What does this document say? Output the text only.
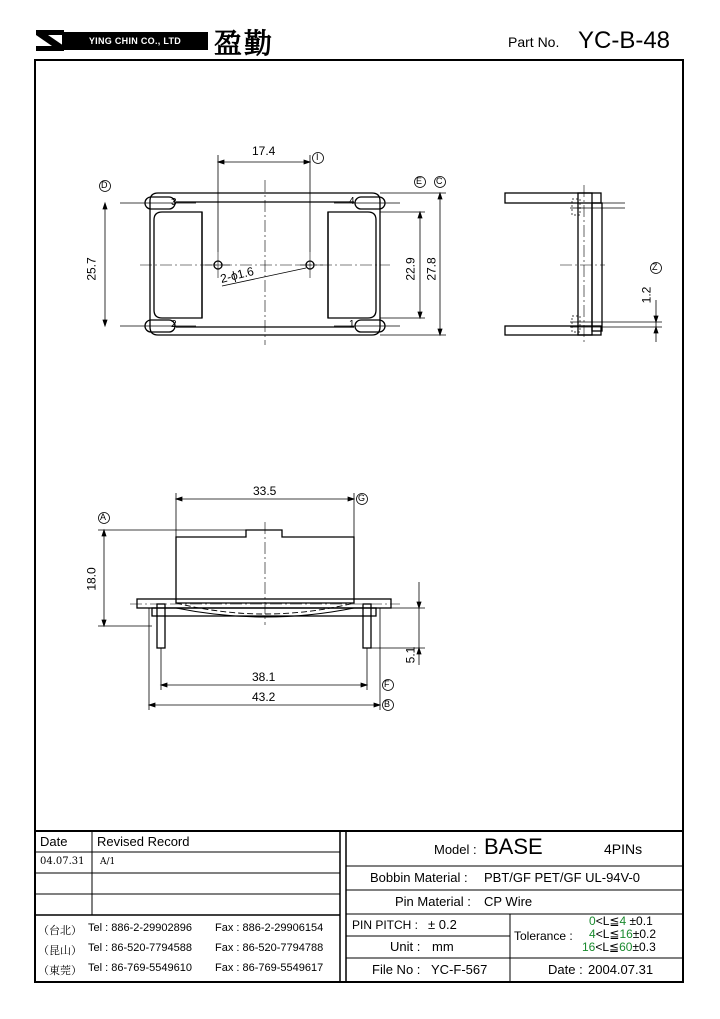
YING CHIN CO., LTD	盈勤	Part No. YC-B-48
17.4
25.7	22.9 27.8
2-ϕ1.6
3	4
2	1
D
I
E C
1.2
Z
33.5
18.0
5.1
38.1
43.2
G
A
F
B
Date Revised Record
04.07.31 A/1
（台北） Tel : 886-2-29902896 Fax : 886-2-29906154
（昆山） Tel : 86-520-7794588 Fax : 86-520-7794788
（東莞） Tel : 86-769-5549610 Fax : 86-769-5549617
Model : BASE	4PINs
Bobbin Material : PBT/GF PET/GF UL-94V-0
Pin Material : CP Wire
PIN PITCH : ± 0.2
Unit : mm
Tolerance :
0<L≦4 ±0.1
4<L≦16±0.2
16<L≦60±0.3
File No : YC-F-567	Date : 2004.07.31
